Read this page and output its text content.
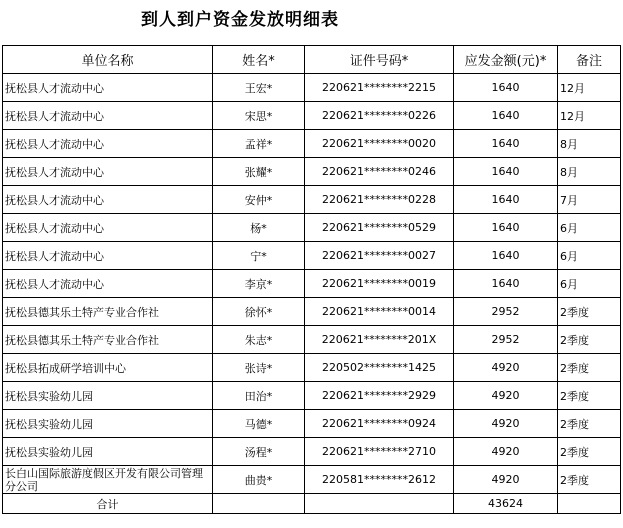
到人到户资金发放明细表
单位名称	姓名*	证件号码*	应发金额(元)*	备注
抚松县人才流动中心	王宏*	220621********2215	1640	12月
抚松县人才流动中心	宋思*	220621********0226	1640	12月
抚松县人才流动中心	孟祥*	220621********0020	1640	8月
抚松县人才流动中心	张耀*	220621********0246	1640	8月
抚松县人才流动中心	安仲*	220621********0228	1640	7月
抚松县人才流动中心	杨*	220621********0529	1640	6月
抚松县人才流动中心	宁*	220621********0027	1640	6月
抚松县人才流动中心	李京*	220621********0019	1640	6月
抚松县德其乐土特产专业合作社	徐怀*	220621********0014	2952	2季度
抚松县德其乐土特产专业合作社	朱志*	220621********201X	2952	2季度
抚松县拓成研学培训中心	张诗*	220502********1425	4920	2季度
抚松县实验幼儿园	田治*	220621********2929	4920	2季度
抚松县实验幼儿园	马德*	220621********0924	4920	2季度
抚松县实验幼儿园	汤程*	220621********2710	4920	2季度
长白山国际旅游度假区开发有限公司管理分公司	曲贵*	220581********2612	4920	2季度
合计			43624	
